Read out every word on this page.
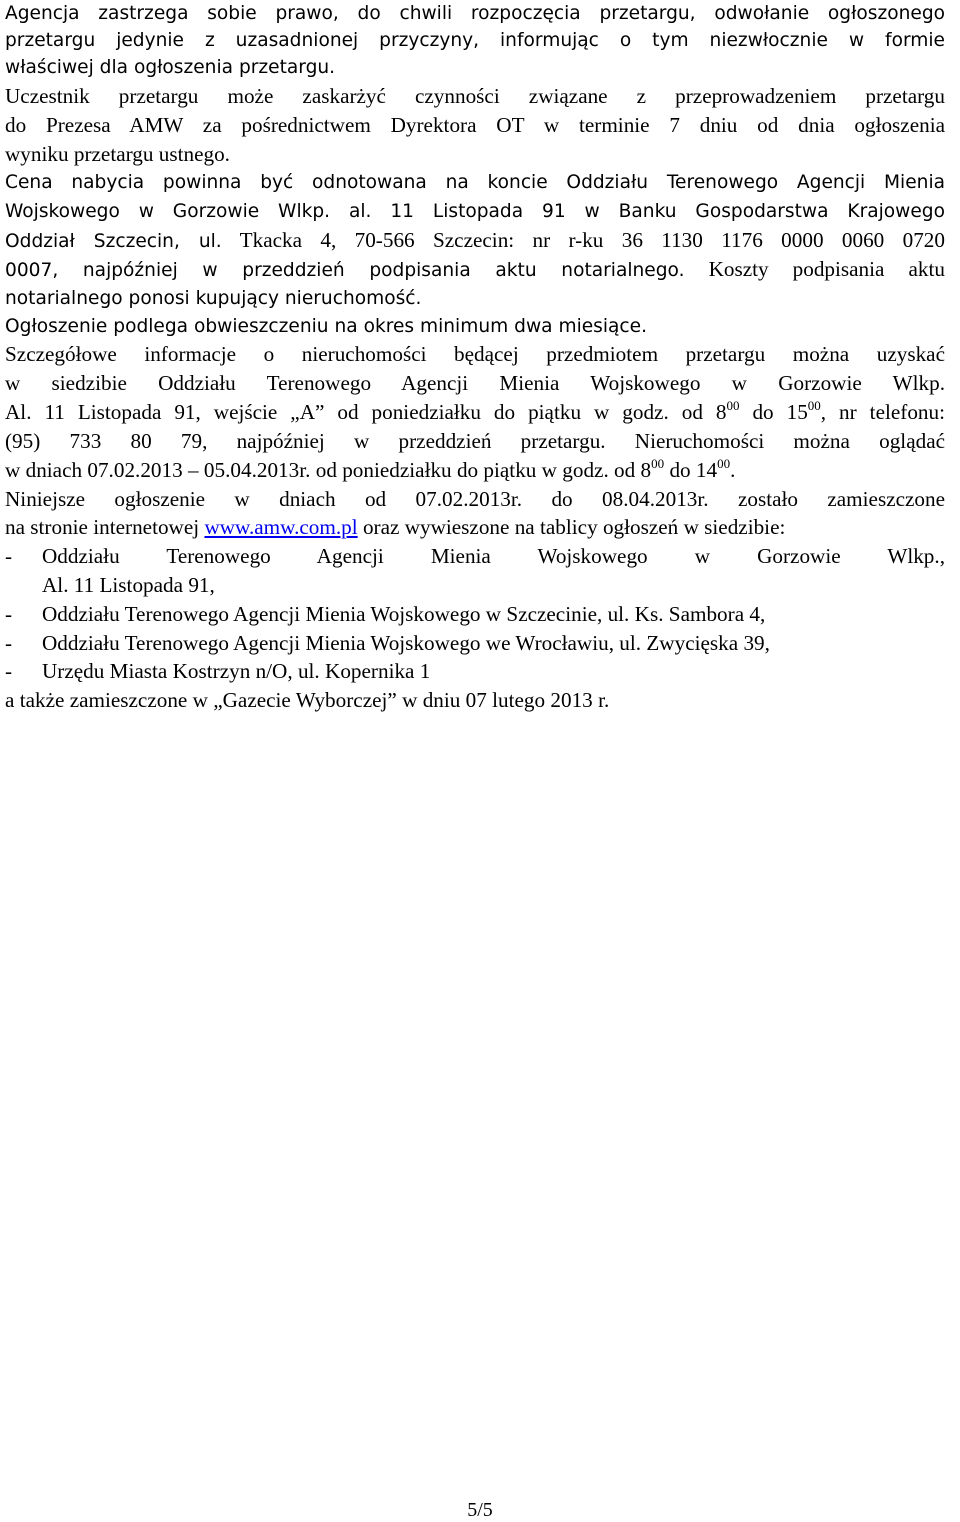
Agencja zastrzega sobie prawo, do chwili rozpoczęcia przetargu, odwołanie ogłoszonego
przetargu jedynie z uzasadnionej przyczyny, informując o tym niezwłocznie w formie
właściwej dla ogłoszenia przetargu.
Uczestnik przetargu może zaskarżyć czynności związane z przeprowadzeniem przetargu
do Prezesa AMW za pośrednictwem Dyrektora OT w terminie 7 dniu od dnia ogłoszenia
wyniku przetargu ustnego.
Cena nabycia powinna być odnotowana na koncie Oddziału Terenowego Agencji Mienia
Wojskowego w Gorzowie Wlkp. al. 11 Listopada 91 w Banku Gospodarstwa Krajowego
Oddział Szczecin, ul. Tkacka 4, 70-566 Szczecin: nr r-ku 36 1130 1176 0000 0060 0720
0007, najpóźniej w przeddzień podpisania aktu notarialnego. Koszty podpisania aktu
notarialnego ponosi kupujący nieruchomość.
Ogłoszenie podlega obwieszczeniu na okres minimum dwa miesiące.
Szczegółowe informacje o nieruchomości będącej przedmiotem przetargu można uzyskać
w siedzibie Oddziału Terenowego Agencji Mienia Wojskowego w Gorzowie Wlkp.
Al. 11 Listopada 91, wejście „A” od poniedziałku do piątku w godz. od $8^{00}$ do $15^{00}$, nr telefonu:
(95) 733 80 79, najpóźniej w przeddzień przetargu. Nieruchomości można oglądać
w dniach 07.02.2013 – 05.04.2013r. od poniedziałku do piątku w godz. od $8^{00}$ do $14^{00}$.
Niniejsze ogłoszenie w dniach od 07.02.2013r. do 08.04.2013r. zostało zamieszczone
na stronie internetowej www.amw.com.pl oraz wywieszone na tablicy ogłoszeń w siedzibie:
-	Oddziału Terenowego Agencji Mienia Wojskowego w Gorzowie Wlkp.,
Al. 11 Listopada 91,
-	Oddziału Terenowego Agencji Mienia Wojskowego w Szczecinie, ul. Ks. Sambora 4,
-	Oddziału Terenowego Agencji Mienia Wojskowego we Wrocławiu, ul. Zwycięska 39,
-	Urzędu Miasta Kostrzyn n/O, ul. Kopernika 1
a także zamieszczone w „Gazecie Wyborczej” w dniu 07 lutego 2013 r.
5/5
